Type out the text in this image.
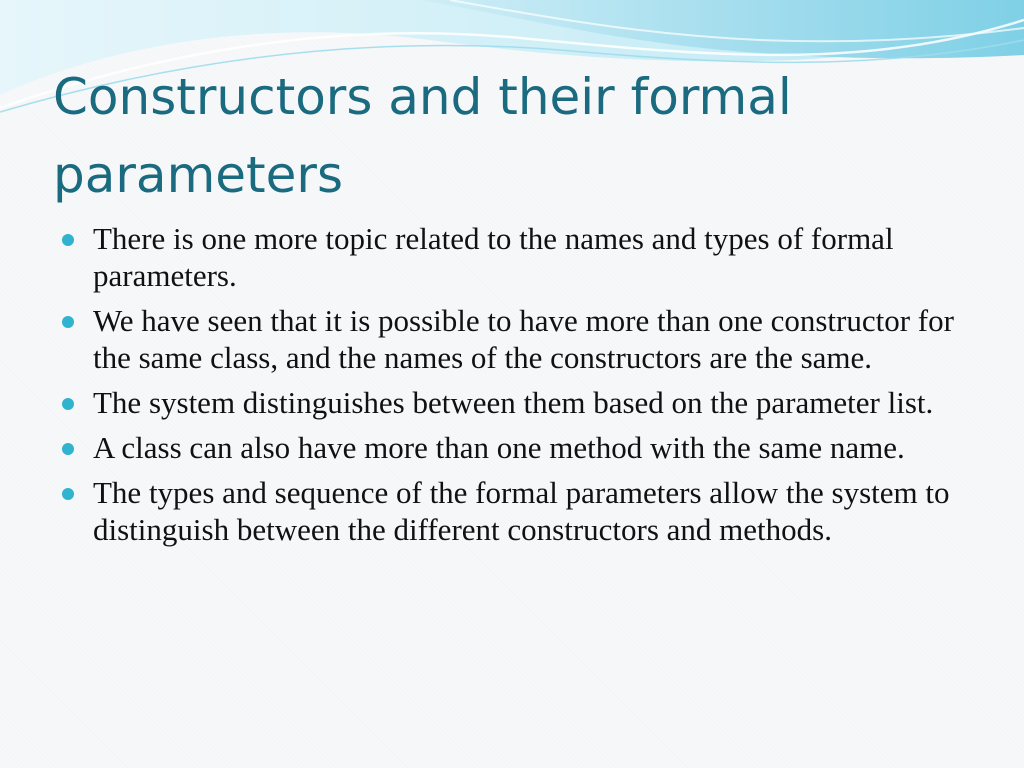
Constructors and their formal
parameters
There is one more topic related to the names and types of formal parameters.
We have seen that it is possible to have more than one constructor for the same class, and the names of the constructors are the same.
The system distinguishes between them based on the parameter list.
A class can also have more than one method with the same name.
The types and sequence of the formal parameters allow the system to distinguish between the different constructors and methods.
